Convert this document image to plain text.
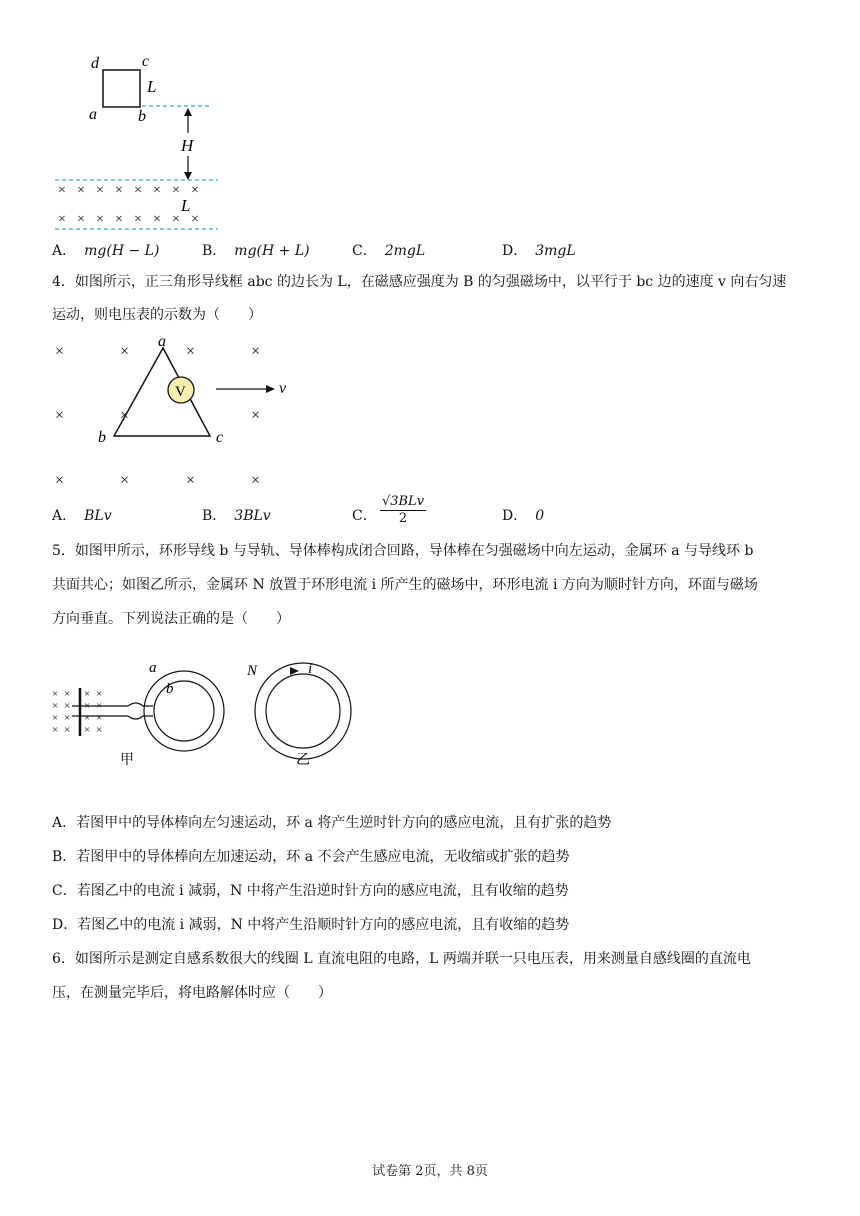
d	c
a	b
L
H
× × × × × × × ×
L
× × × × × × × ×
A． mg(H − L)	B． mg(H + L)	C． 2mgL	D． 3mgL
4．如图所示，正三角形导线框 abc 的边长为 L，在磁感应强度为 B 的匀强磁场中，以平行于 bc 边的速度 v 向右匀速
运动，则电压表的示数为（　　）
×	×	×	×
×	×	×
×	×	×	×
V
a
b	c
v
A． BLv	B． 3BLv	C．
√3BLv
2	D． 0
5．如图甲所示，环形导线 b 与导轨、导体棒构成闭合回路，导体棒在匀强磁场中向左运动，金属环 a 与导线环 b
共面共心；如图乙所示，金属环 N 放置于环形电流 i 所产生的磁场中，环形电流 i 方向为顺时针方向，环面与磁场
方向垂直。下列说法正确的是（　　）
× × × ×
× × × ×
× × × ×
× × × ×
a
b
甲
N	i
乙
A．若图甲中的导体棒向左匀速运动，环 a 将产生逆时针方向的感应电流，且有扩张的趋势
B．若图甲中的导体棒向左加速运动，环 a 不会产生感应电流，无收缩或扩张的趋势
C．若图乙中的电流 i 减弱，N 中将产生沿逆时针方向的感应电流，且有收缩的趋势
D．若图乙中的电流 i 减弱，N 中将产生沿顺时针方向的感应电流，且有收缩的趋势
6．如图所示是测定自感系数很大的线圈 L 直流电阻的电路，L 两端并联一只电压表，用来测量自感线圈的直流电
压，在测量完毕后，将电路解体时应（　　）
试卷第 2页，共 8页
